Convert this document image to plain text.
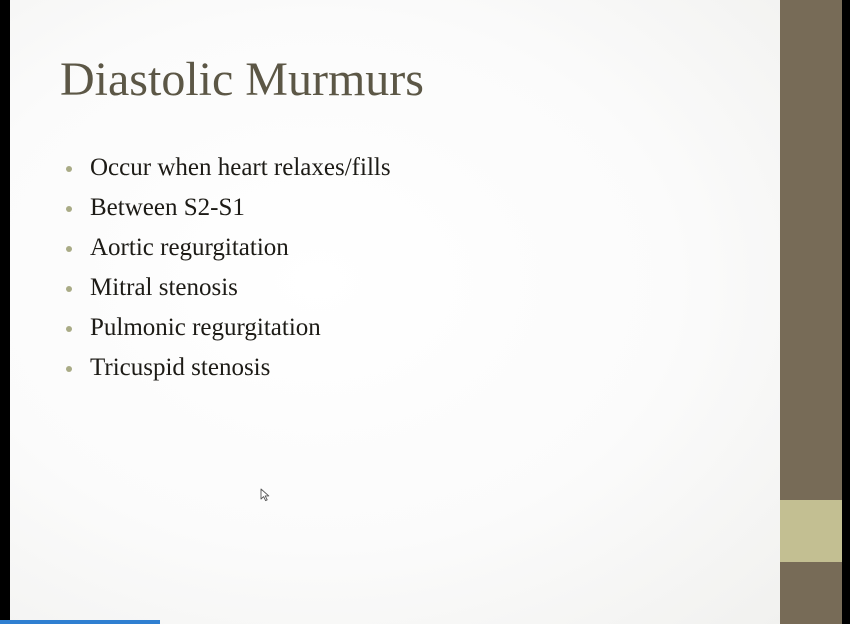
Diastolic Murmurs
Occur when heart relaxes/fills
Between S2-S1
Aortic regurgitation
Mitral stenosis
Pulmonic regurgitation
Tricuspid stenosis
